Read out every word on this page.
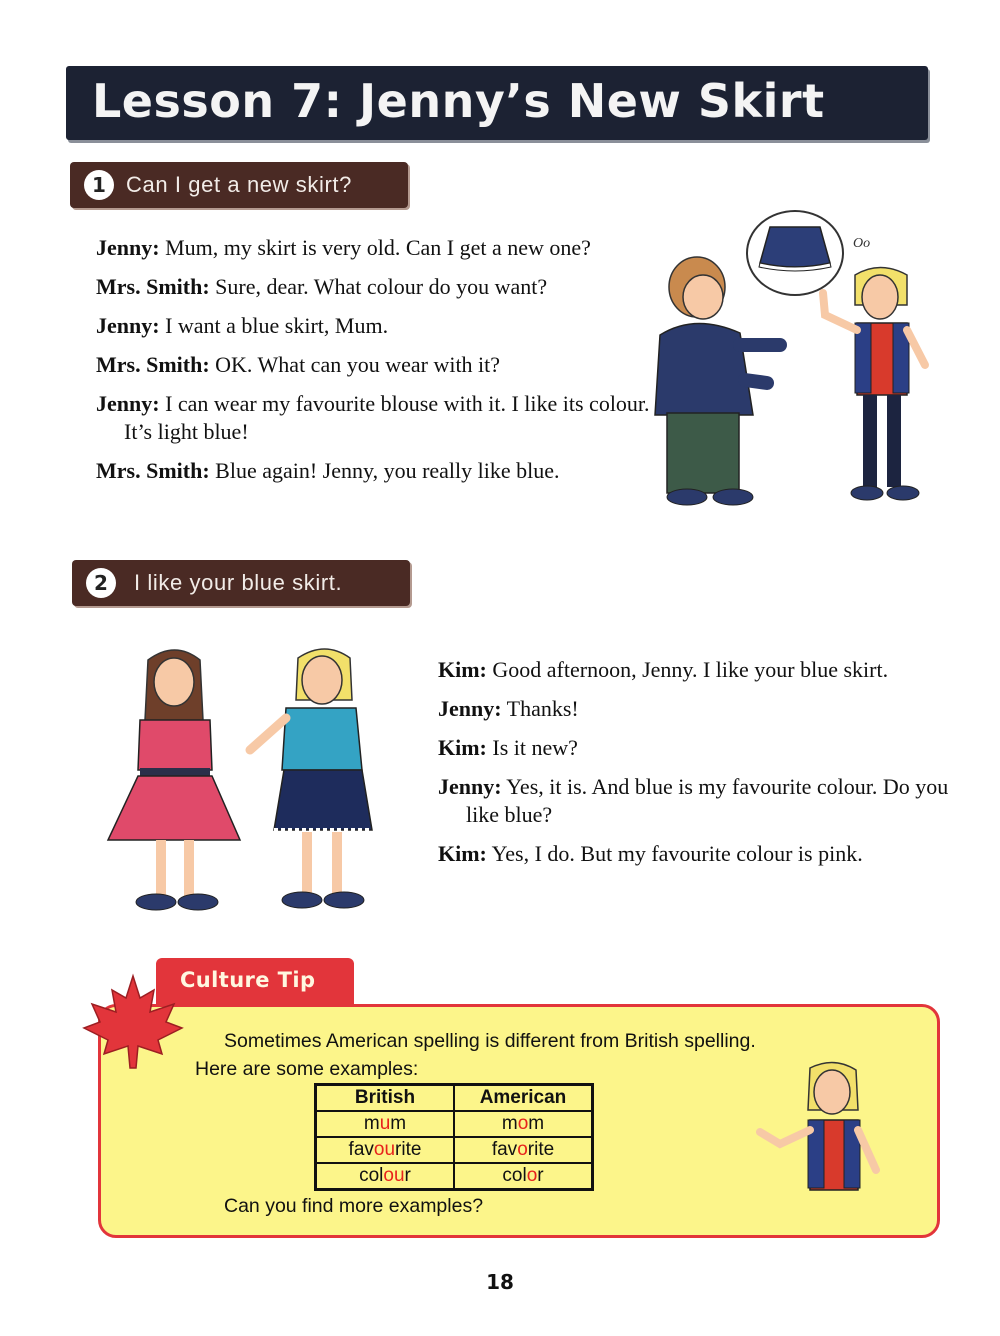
Lesson 7: Jenny’s New Skirt
1 Can I get a new skirt?
Jenny: Mum, my skirt is very old. Can I get a new one?
Mrs. Smith: Sure, dear. What colour do you want?
Jenny: I want a blue skirt, Mum.
Mrs. Smith: OK. What can you wear with it?
Jenny: I can wear my favourite blouse with it. I like its colour. It’s light blue!
Mrs. Smith: Blue again! Jenny, you really like blue.
Oo
2	I like your blue skirt.
Kim: Good afternoon, Jenny. I like your blue skirt.
Jenny: Thanks!
Kim: Is it new?
Jenny: Yes, it is. And blue is my favourite colour. Do you like blue?
Kim: Yes, I do. But my favourite colour is pink.
Culture Tip
Sometimes American spelling is different from British spelling.
Here are some examples:
British	American
mum	mom
favourite	favorite
colour	color
Can you find more examples?
18
